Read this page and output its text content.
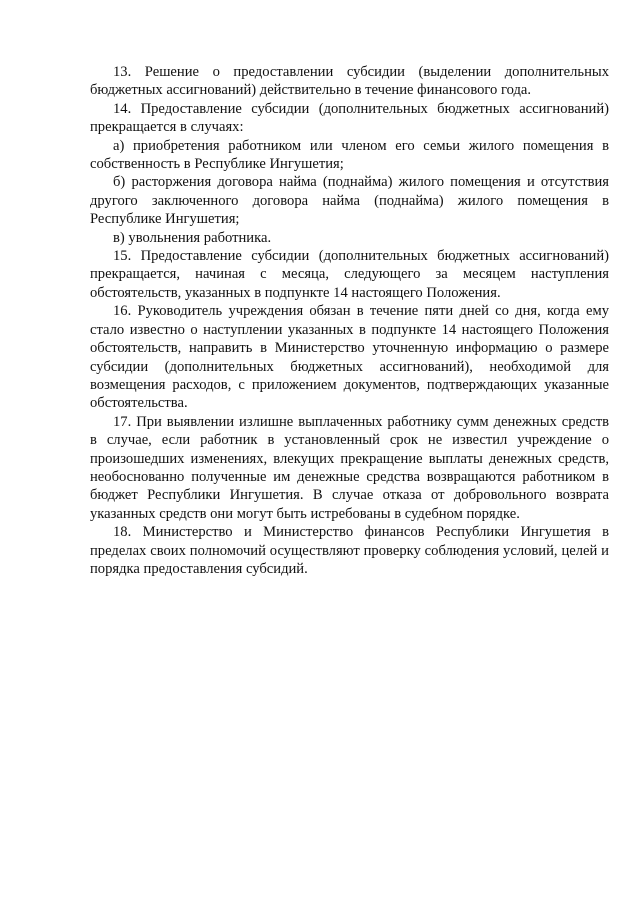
13. Решение о предоставлении субсидии (выделении дополнительных бюджетных ассигнований) действительно в течение финансового года.

14. Предоставление субсидии (дополнительных бюджетных ассигнований) прекращается в случаях:

а) приобретения работником или членом его семьи жилого помещения в собственность в Республике Ингушетия;

б) расторжения договора найма (поднайма) жилого помещения и отсутствия другого заключенного договора найма (поднайма) жилого помещения в Республике Ингушетия;

в) увольнения работника.

15. Предоставление субсидии (дополнительных бюджетных ассигнований) прекращается, начиная с месяца, следующего за месяцем наступления обстоятельств, указанных в подпункте 14 настоящего Положения.

16. Руководитель учреждения обязан в течение пяти дней со дня, когда ему стало известно о наступлении указанных в подпункте 14 настоящего Положения обстоятельств, направить в Министерство уточненную информацию о размере субсидии (дополнительных бюджетных ассигнований), необходимой для возмещения расходов, с приложением документов, подтверждающих указанные обстоятельства.

17. При выявлении излишне выплаченных работнику сумм денежных средств в случае, если работник в установленный срок не известил учреждение о произошедших изменениях, влекущих прекращение выплаты денежных средств, необоснованно полученные им денежные средства возвращаются работником в бюджет Республики Ингушетия. В случае отказа от добровольного возврата указанных средств они могут быть истребованы в судебном порядке.

18. Министерство и Министерство финансов Республики Ингушетия в пределах своих полномочий осуществляют проверку соблюдения условий, целей и порядка предоставления субсидий.
